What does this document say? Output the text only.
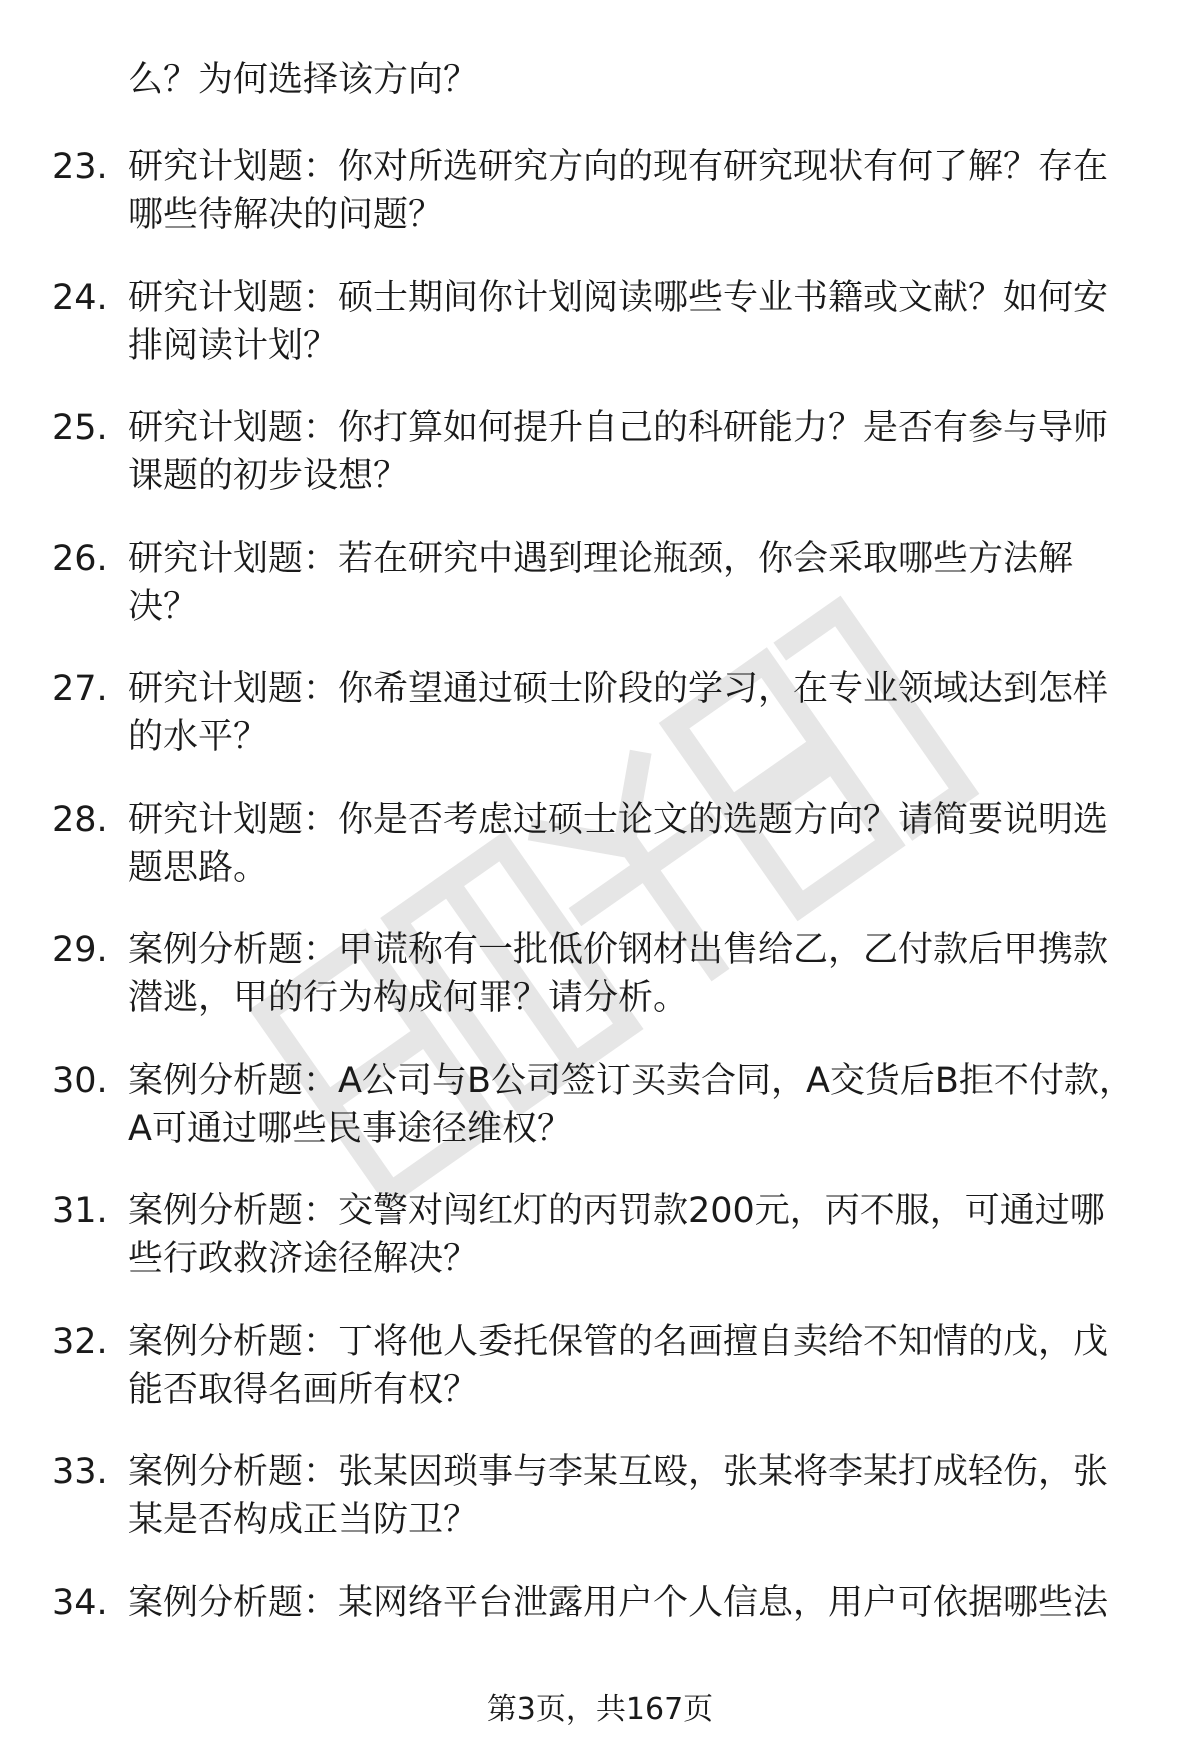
么？为何选择该方向？
23. 研究计划题：你对所选研究方向的现有研究现状有何了解？存在哪些待解决的问题？
24. 研究计划题：硕士期间你计划阅读哪些专业书籍或文献？如何安排阅读计划？
25. 研究计划题：你打算如何提升自己的科研能力？是否有参与导师课题的初步设想？
26. 研究计划题：若在研究中遇到理论瓶颈，你会采取哪些方法解决？
27. 研究计划题：你希望通过硕士阶段的学习，在专业领域达到怎样的水平？
28. 研究计划题：你是否考虑过硕士论文的选题方向？请简要说明选题思路。
29. 案例分析题：甲谎称有一批低价钢材出售给乙，乙付款后甲携款潜逃，甲的行为构成何罪？请分析。
30. 案例分析题：A公司与B公司签订买卖合同，A交货后B拒不付款，A可通过哪些民事途径维权？
31. 案例分析题：交警对闯红灯的丙罚款200元，丙不服，可通过哪些行政救济途径解决？
32. 案例分析题：丁将他人委托保管的名画擅自卖给不知情的戊，戊能否取得名画所有权？
33. 案例分析题：张某因琐事与李某互殴，张某将李某打成轻伤，张某是否构成正当防卫？
34. 案例分析题：某网络平台泄露用户个人信息，用户可依据哪些法
第3页，共167页
